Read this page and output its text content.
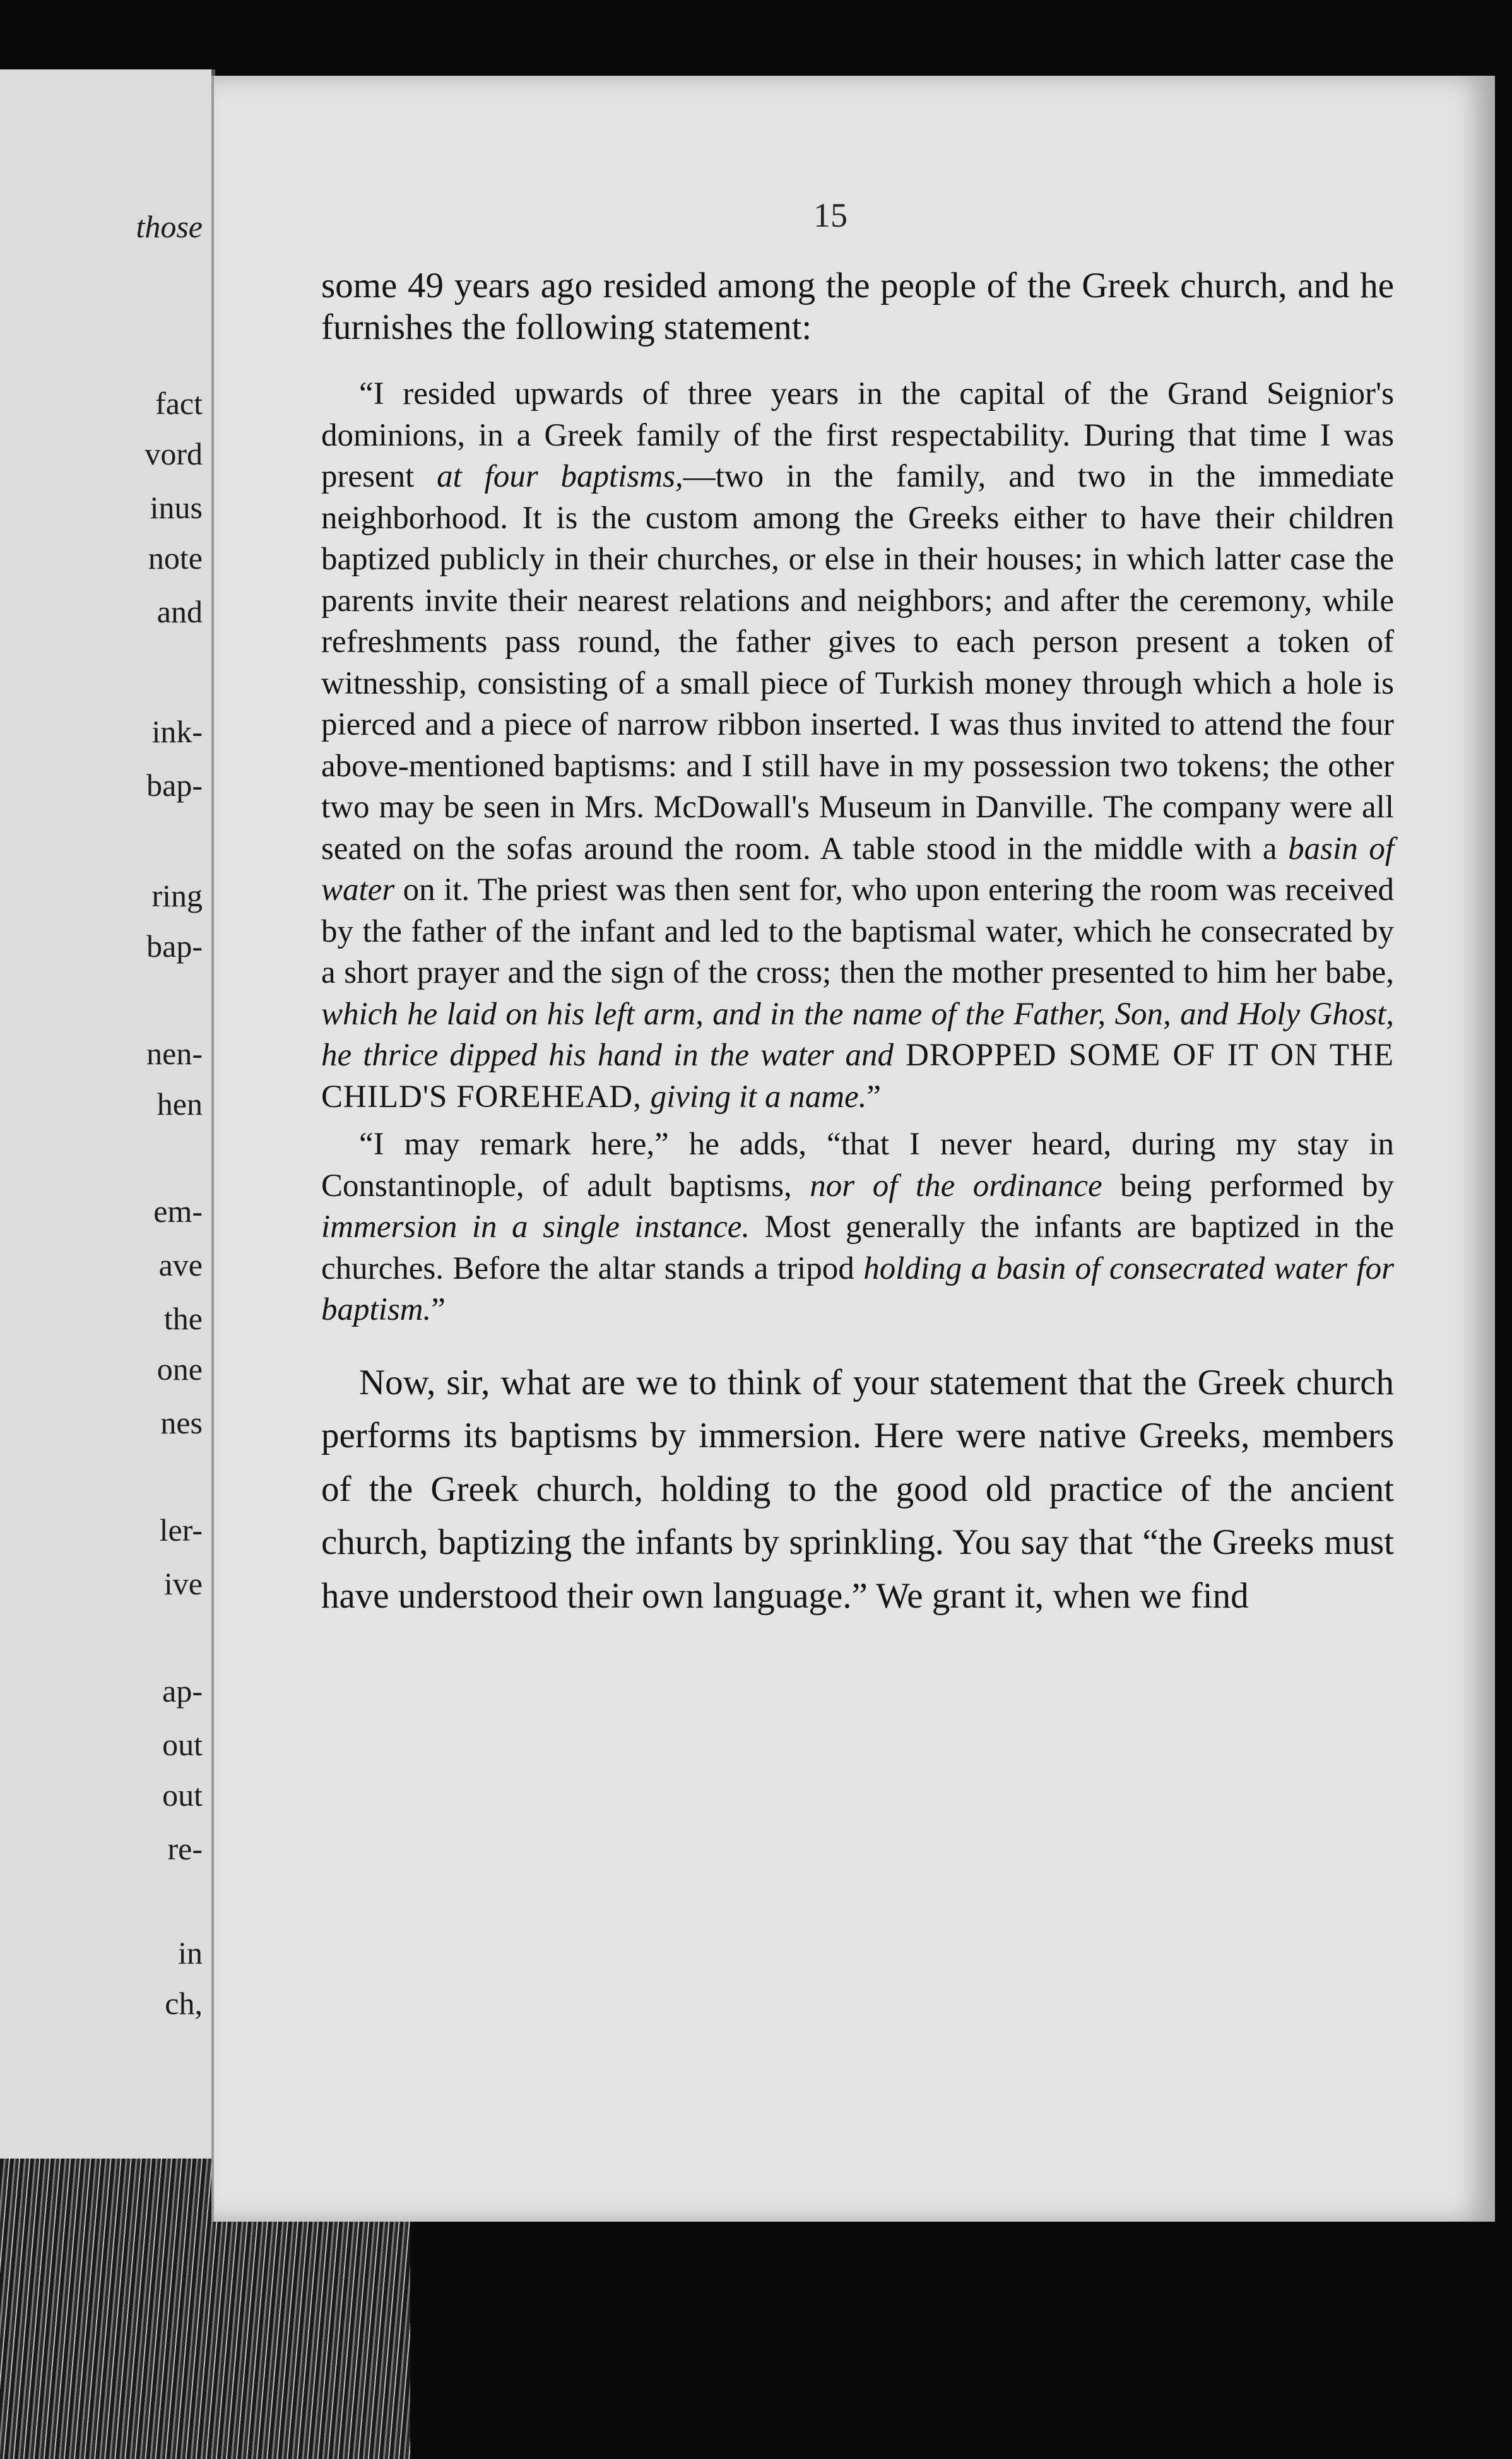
those
fact
vord
inus
note
and
ink-
bap-
ring
bap-
nen-
hen
em-
ave
the
one
nes
ler-
ive
ap-
out
out
re-
in
ch,
15

some 49 years ago resided among the people of the Greek church, and he furnishes the following statement:

“I resided upwards of three years in the capital of the Grand Seignior's dominions, in a Greek family of the first respectability. During that time I was present at four baptisms,—two in the family, and two in the immediate neighborhood. It is the custom among the Greeks either to have their children baptized publicly in their churches, or else in their houses; in which latter case the parents invite their nearest relations and neighbors; and after the ceremony, while refreshments pass round, the father gives to each person present a token of witnesship, consisting of a small piece of Turkish money through which a hole is pierced and a piece of narrow ribbon inserted. I was thus invited to attend the four above-mentioned baptisms: and I still have in my possession two tokens; the other two may be seen in Mrs. McDowall's Museum in Danville. The company were all seated on the sofas around the room. A table stood in the middle with a basin of water on it. The priest was then sent for, who upon entering the room was received by the father of the infant and led to the baptismal water, which he consecrated by a short prayer and the sign of the cross; then the mother presented to him her babe, which he laid on his left arm, and in the name of the Father, Son, and Holy Ghost, he thrice dipped his hand in the water and DROPPED SOME OF IT ON THE CHILD'S FOREHEAD, giving it a name.”

“I may remark here,” he adds, “that I never heard, during my stay in Constantinople, of adult baptisms, nor of the ordinance being performed by immersion in a single instance. Most generally the infants are baptized in the churches. Before the altar stands a tripod holding a basin of consecrated water for baptism.”

Now, sir, what are we to think of your statement that the Greek church performs its baptisms by immersion. Here were native Greeks, members of the Greek church, holding to the good old practice of the ancient church, baptizing the infants by sprinkling. You say that “the Greeks must have understood their own language.” We grant it, when we find
